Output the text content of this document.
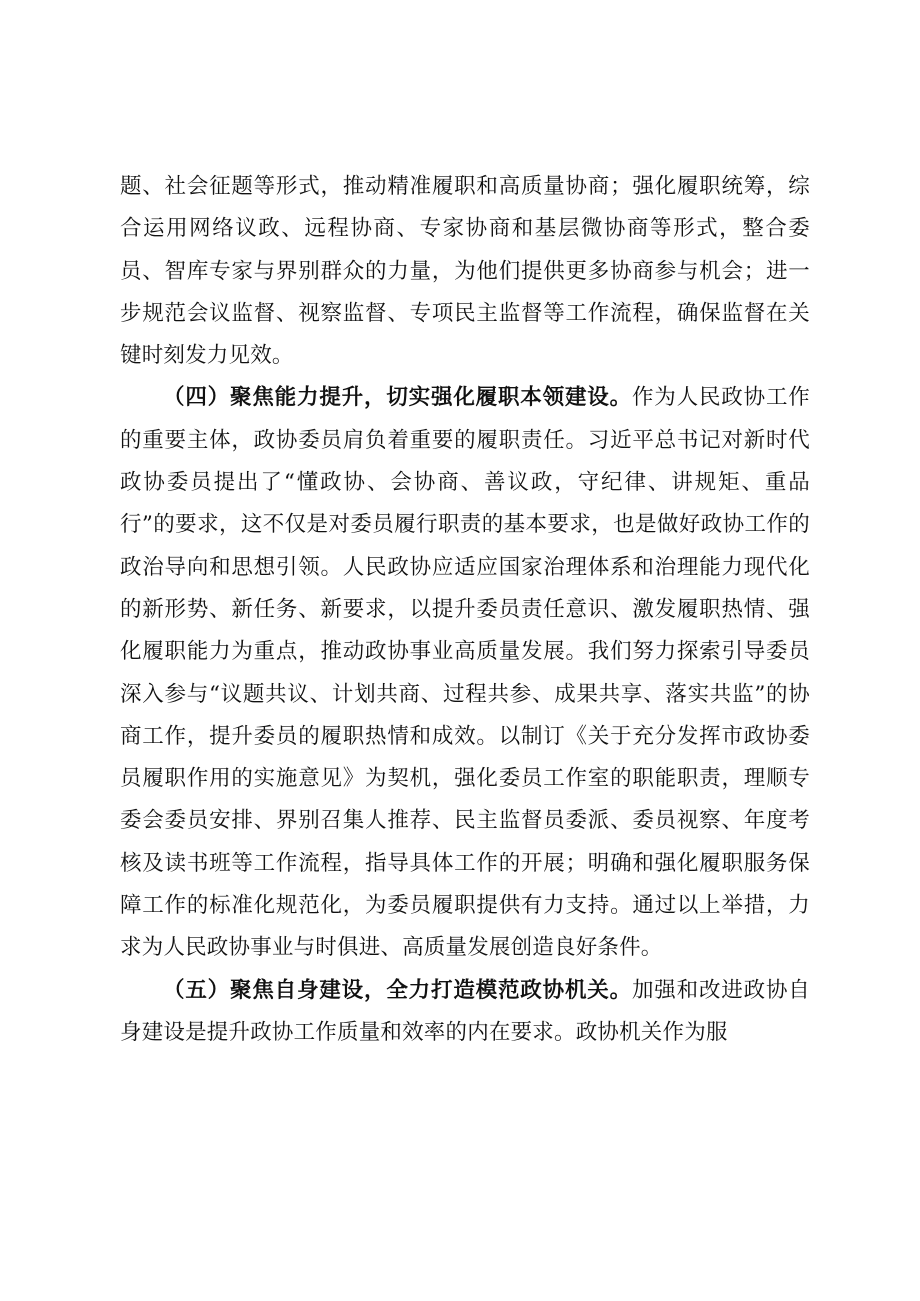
题、社会征题等形式，推动精准履职和高质量协商；强化履职统筹，综合运用网络议政、远程协商、专家协商和基层微协商等形式，整合委员、智库专家与界别群众的力量，为他们提供更多协商参与机会；进一步规范会议监督、视察监督、专项民主监督等工作流程，确保监督在关键时刻发力见效。

（四）聚焦能力提升，切实强化履职本领建设。作为人民政协工作的重要主体，政协委员肩负着重要的履职责任。习近平总书记对新时代政协委员提出了“懂政协、会协商、善议政，守纪律、讲规矩、重品行”的要求，这不仅是对委员履行职责的基本要求，也是做好政协工作的政治导向和思想引领。人民政协应适应国家治理体系和治理能力现代化的新形势、新任务、新要求，以提升委员责任意识、激发履职热情、强化履职能力为重点，推动政协事业高质量发展。我们努力探索引导委员深入参与“议题共议、计划共商、过程共参、成果共享、落实共监”的协商工作，提升委员的履职热情和成效。以制订《关于充分发挥市政协委员履职作用的实施意见》为契机，强化委员工作室的职能职责，理顺专委会委员安排、界别召集人推荐、民主监督员委派、委员视察、年度考核及读书班等工作流程，指导具体工作的开展；明确和强化履职服务保障工作的标准化规范化，为委员履职提供有力支持。通过以上举措，力求为人民政协事业与时俱进、高质量发展创造良好条件。

（五）聚焦自身建设，全力打造模范政协机关。加强和改进政协自身建设是提升政协工作质量和效率的内在要求。政协机关作为服
